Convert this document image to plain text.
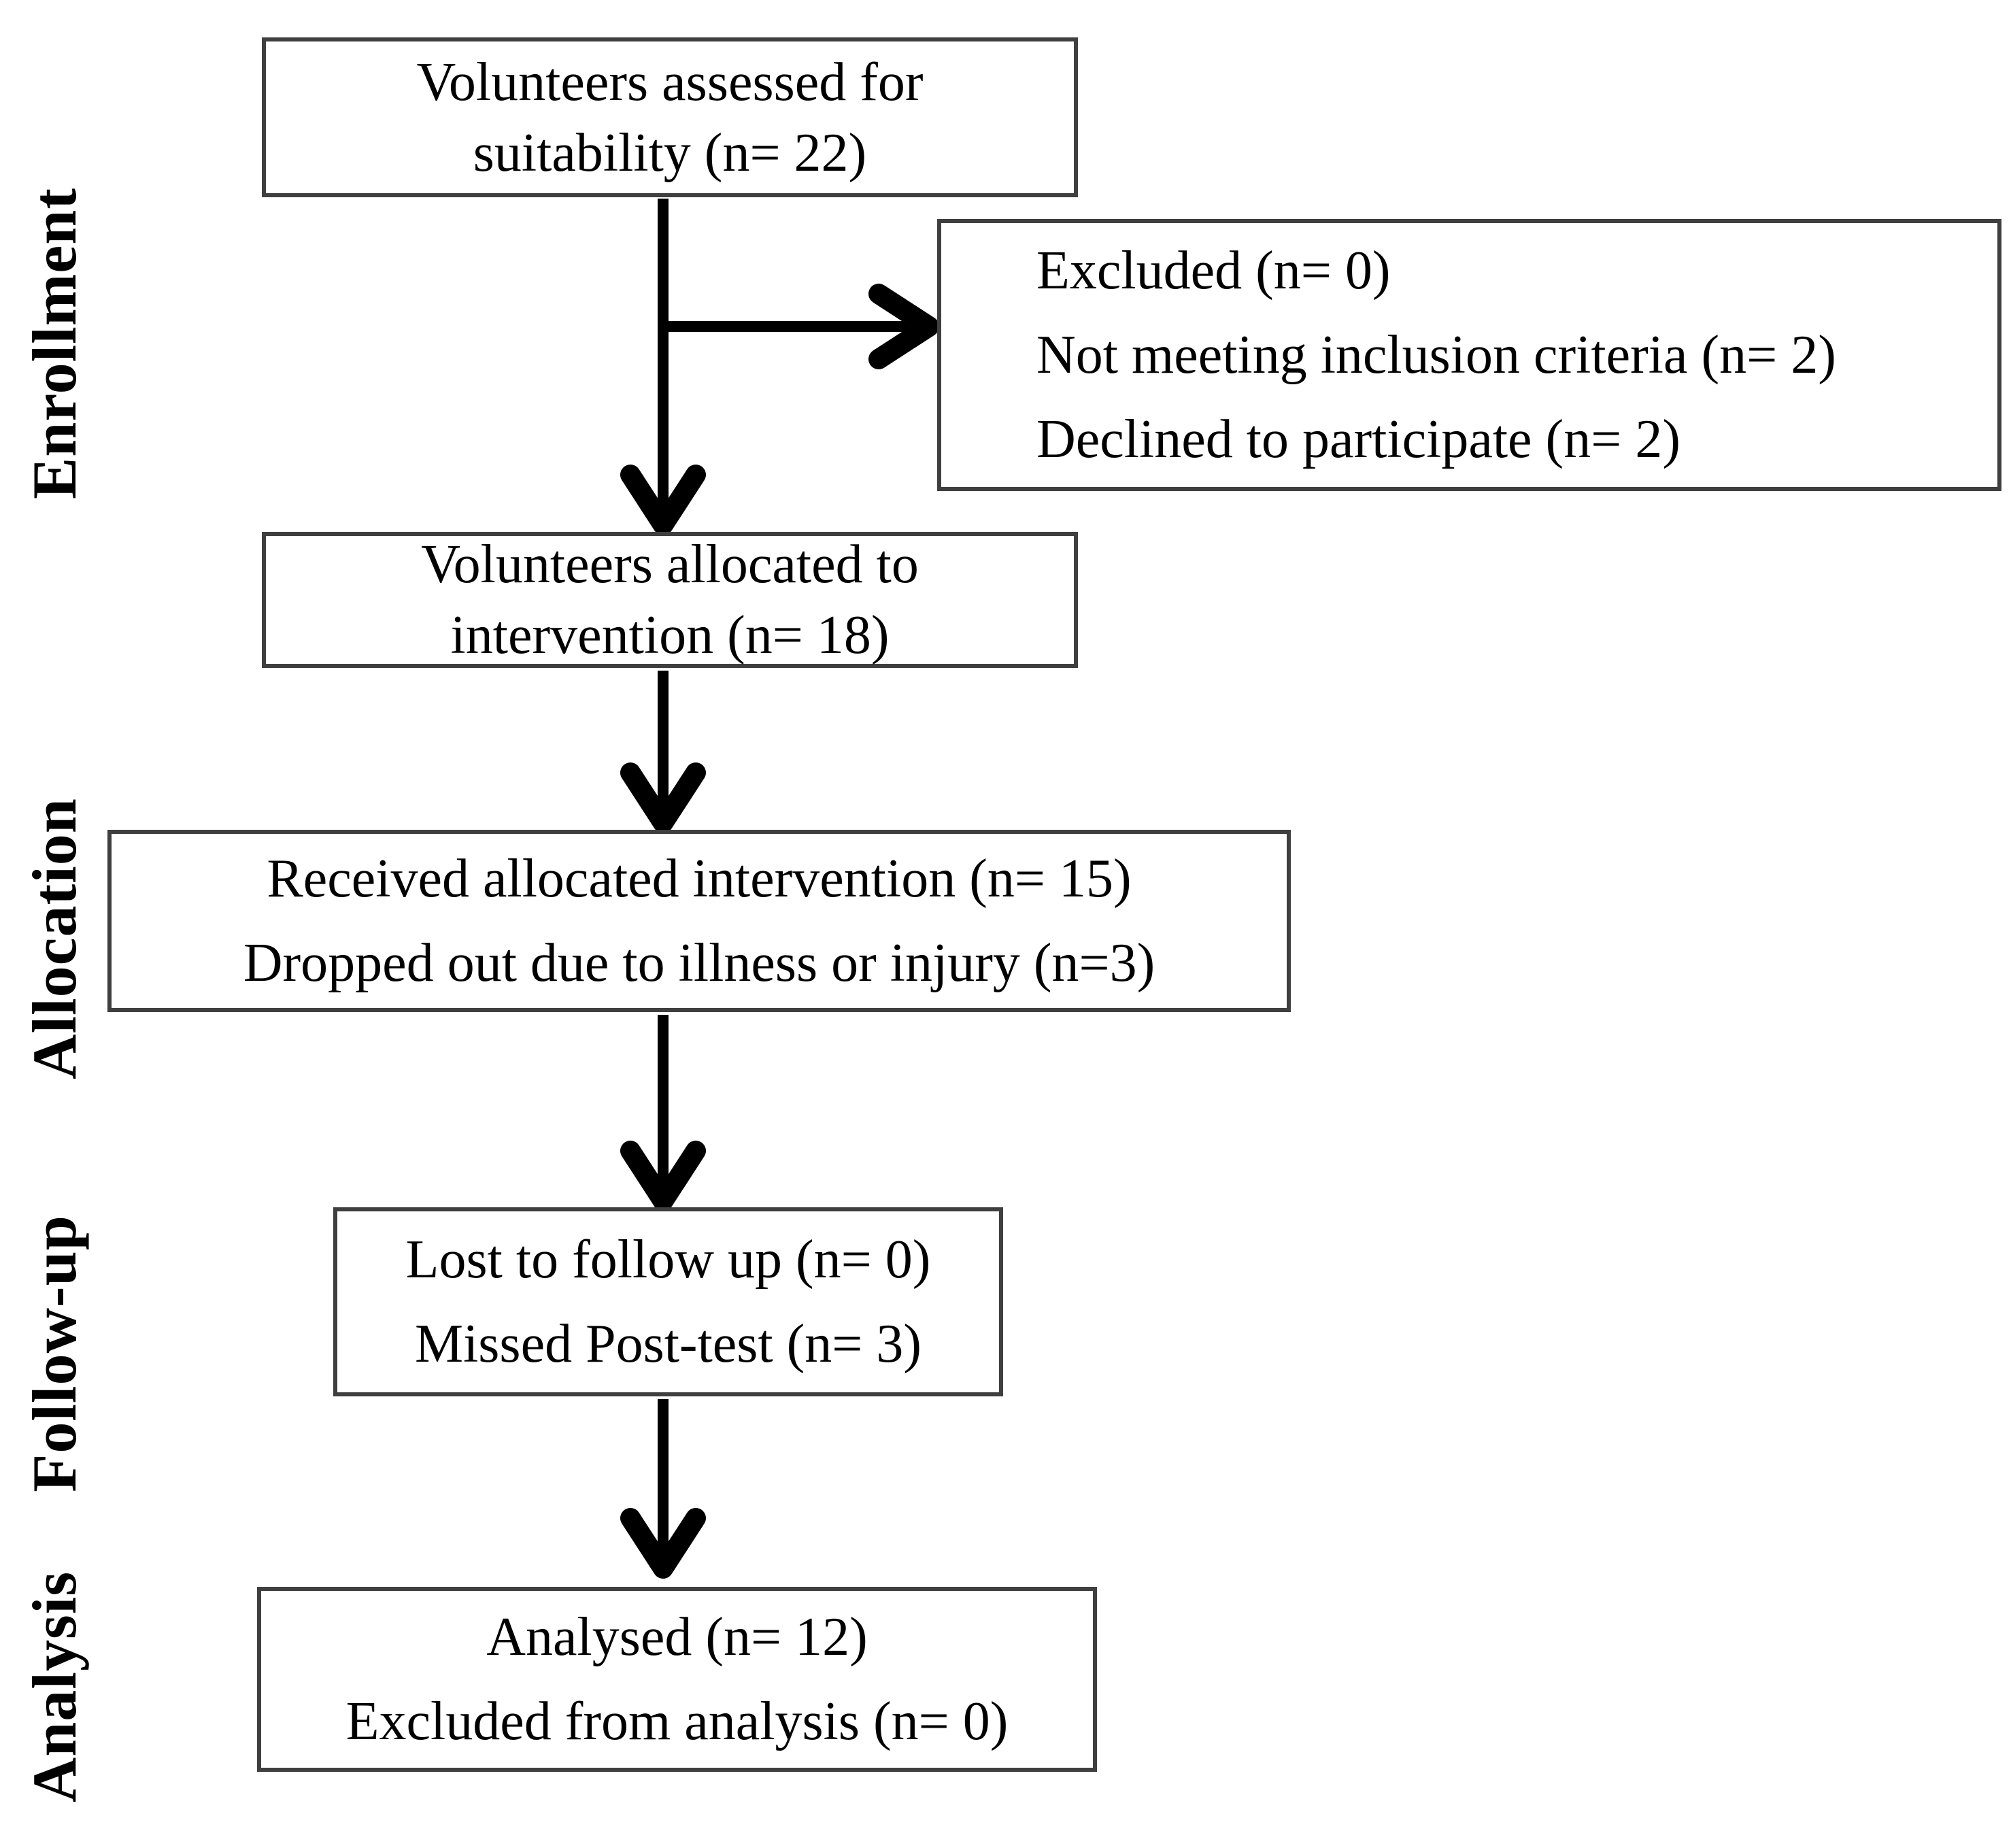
Enrollment
Allocation
Follow-up
Analysis
Volunteers assessed for
suitability (n= 22)
Excluded (n= 0)
Not meeting inclusion criteria (n= 2)
Declined to participate (n= 2)
Volunteers allocated to
intervention (n= 18)
Received allocated intervention (n= 15)
Dropped out due to illness or injury (n=3)
Lost to follow up (n= 0)
Missed Post-test (n= 3)
Analysed (n= 12)
Excluded from analysis (n= 0)
